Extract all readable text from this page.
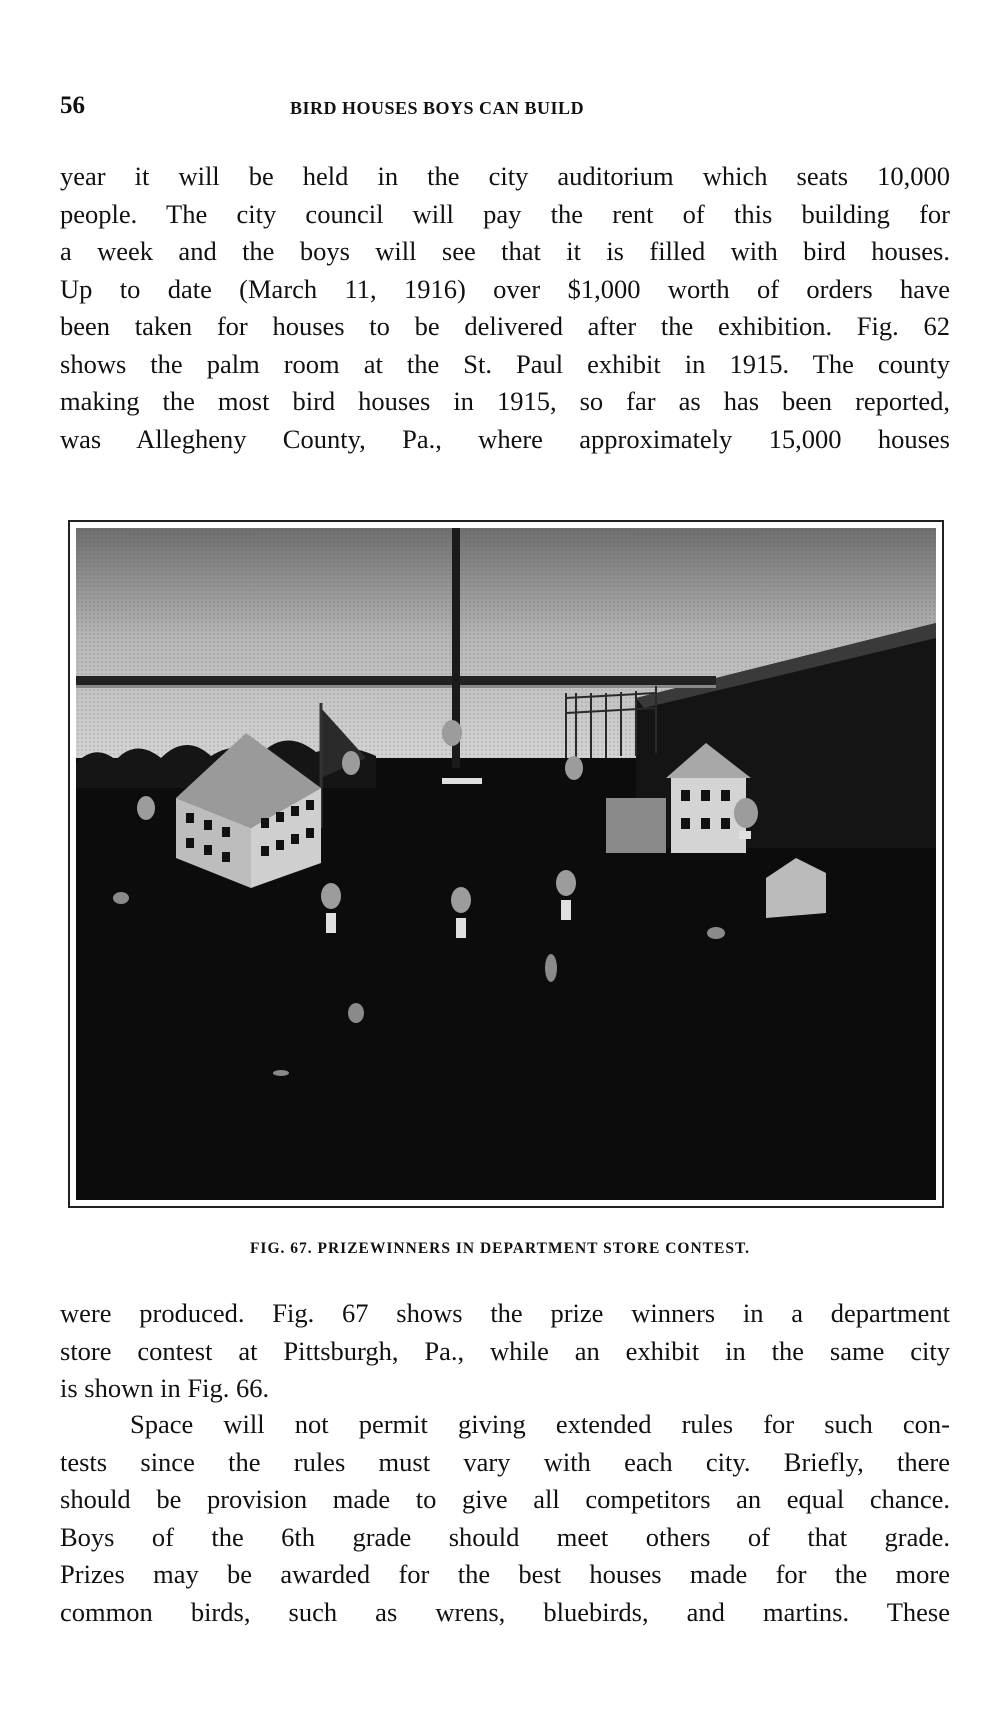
56	BIRD HOUSES BOYS CAN BUILD

year it will be held in the city auditorium which seats 10,000
people. The city council will pay the rent of this building for
a week and the boys will see that it is filled with bird houses.
Up to date (March 11, 1916) over $1,000 worth of orders have
been taken for houses to be delivered after the exhibition. Fig. 62
shows the palm room at the St. Paul exhibit in 1915. The county
making the most bird houses in 1915, so far as has been reported,
was Allegheny County, Pa., where approximately 15,000 houses

FIG. 67. PRIZEWINNERS IN DEPARTMENT STORE CONTEST.

were produced. Fig. 67 shows the prize winners in a department
store contest at Pittsburgh, Pa., while an exhibit in the same city
is shown in Fig. 66.

Space will not permit giving extended rules for such con-
tests since the rules must vary with each city. Briefly, there
should be provision made to give all competitors an equal chance.
Boys of the 6th grade should meet others of that grade.
Prizes may be awarded for the best houses made for the more
common birds, such as wrens, bluebirds, and martins. These
